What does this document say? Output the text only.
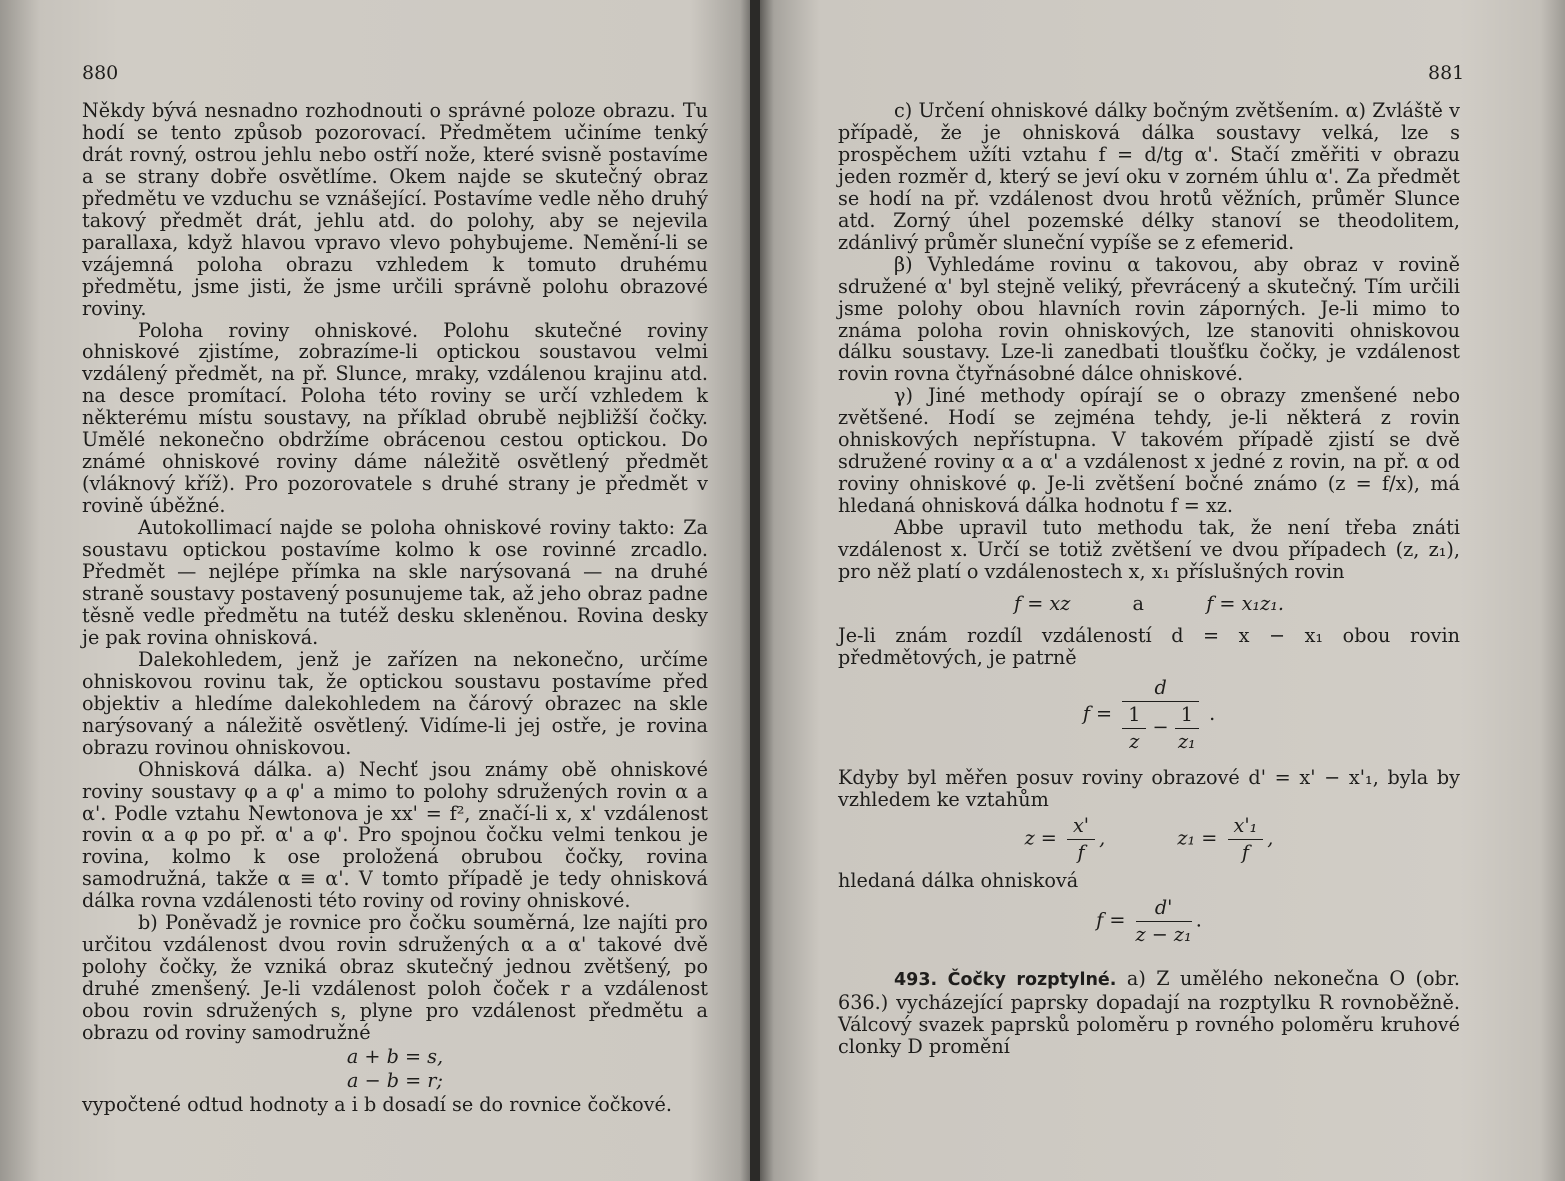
880

Někdy bývá nesnadno rozhodnouti o správné poloze obrazu. Tu hodí se tento způsob pozorovací. Předmětem učiníme tenký drát rovný, ostrou jehlu nebo ostří nože, které svisně postavíme a se strany dobře osvětlíme. Okem najde se skutečný obraz předmětu ve vzduchu se vznášející. Postavíme vedle něho druhý takový předmět drát, jehlu atd. do polohy, aby se nejevila parallaxa, když hlavou vpravo vlevo pohybujeme. Nemění-li se vzájemná poloha obrazu vzhledem k tomuto druhému předmětu, jsme jisti, že jsme určili správně polohu obrazové roviny.

Poloha roviny ohniskové. Polohu skutečné roviny ohniskové zjistíme, zobrazíme-li optickou soustavou velmi vzdálený předmět, na př. Slunce, mraky, vzdálenou krajinu atd. na desce promítací. Poloha této roviny se určí vzhledem k některému místu soustavy, na příklad obrubě nejbližší čočky. Umělé nekonečno obdržíme obrácenou cestou optickou. Do známé ohniskové roviny dáme náležitě osvětlený předmět (vláknový kříž). Pro pozorovatele s druhé strany je předmět v rovině úběžné.

Autokollimací najde se poloha ohniskové roviny takto: Za soustavu optickou postavíme kolmo k ose rovinné zrcadlo. Předmět — nejlépe přímka na skle narýsovaná — na druhé straně soustavy postavený posunujeme tak, až jeho obraz padne těsně vedle předmětu na tutéž desku skleněnou. Rovina desky je pak rovina ohnisková.

Dalekohledem, jenž je zařízen na nekonečno, určíme ohniskovou rovinu tak, že optickou soustavu postavíme před objektiv a hledíme dalekohledem na čárový obrazec na skle narýsovaný a náležitě osvětlený. Vidíme-li jej ostře, je rovina obrazu rovinou ohniskovou.

Ohnisková dálka. a) Nechť jsou známy obě ohniskové roviny soustavy φ a φ' a mimo to polohy sdružených rovin α a α'. Podle vztahu Newtonova je xx' = f², značí-li x, x' vzdálenost rovin α a φ po př. α' a φ'. Pro spojnou čočku velmi tenkou je rovina, kolmo k ose proložená obrubou čočky, rovina samodružná, takže α ≡ α'. V tomto případě je tedy ohnisková dálka rovna vzdálenosti této roviny od roviny ohniskové.

b) Poněvadž je rovnice pro čočku souměrná, lze najíti pro určitou vzdálenost dvou rovin sdružených α a α' takové dvě polohy čočky, že vzniká obraz skutečný jednou zvětšený, po druhé zmenšený. Je-li vzdálenost poloh čoček r a vzdálenost obou rovin sdružených s, plyne pro vzdálenost předmětu a obrazu od roviny samodružné

a + b = s,
a − b = r;

vypočtené odtud hodnoty a i b dosadí se do rovnice čočkové.

881

c) Určení ohniskové dálky bočným zvětšením. α) Zvláště v případě, že je ohnisková dálka soustavy velká, lze s prospěchem užíti vztahu f = d/tg α'. Stačí změřiti v obrazu jeden rozměr d, který se jeví oku v zorném úhlu α'. Za předmět se hodí na př. vzdálenost dvou hrotů věžních, průměr Slunce atd. Zorný úhel pozemské délky stanoví se theodolitem, zdánlivý průměr sluneční vypíše se z efemerid.

β) Vyhledáme rovinu α takovou, aby obraz v rovině sdružené α' byl stejně veliký, převrácený a skutečný. Tím určili jsme polohy obou hlavních rovin záporných. Je-li mimo to známa poloha rovin ohniskových, lze stanoviti ohniskovou dálku soustavy. Lze-li zanedbati tloušťku čočky, je vzdálenost rovin rovna čtyřnásobné dálce ohniskové.

γ) Jiné methody opírají se o obrazy zmenšené nebo zvětšené. Hodí se zejména tehdy, je-li některá z rovin ohniskových nepřístupna. V takovém případě zjistí se dvě sdružené roviny α a α' a vzdálenost x jedné z rovin, na př. α od roviny ohniskové φ. Je-li zvětšení bočné známo (z = f/x), má hledaná ohnisková dálka hodnotu f = xz.

Abbe upravil tuto methodu tak, že není třeba znáti vzdálenost x. Určí se totiž zvětšení ve dvou případech (z, z₁), pro něž platí o vzdálenostech x, x₁ příslušných rovin

f = xz	a	f = x₁z₁.

Je-li znám rozdíl vzdáleností d = x − x₁ obou rovin předmětových, je patrně

f =
d
$\frac{1}{z} - \frac{1}{\text{z₁}}$ .

Kdyby byl měřen posuv roviny obrazové d' = x' − x'₁, byla by vzhledem ke vztahům

$z = \frac{x'}{f}$ ,	$z_1 = \frac{\text{x'₁}}{f}$ ,

hledaná dálka ohnisková

$f = \frac{d'}{\text{z − z₁}}$ .

493. Čočky rozptylné. a) Z umělého nekonečna O (obr. 636.) vycházející paprsky dopadají na rozptylku R rovnoběžně. Válcový svazek paprsků poloměru p rovného poloměru kruhové clonky D promění
